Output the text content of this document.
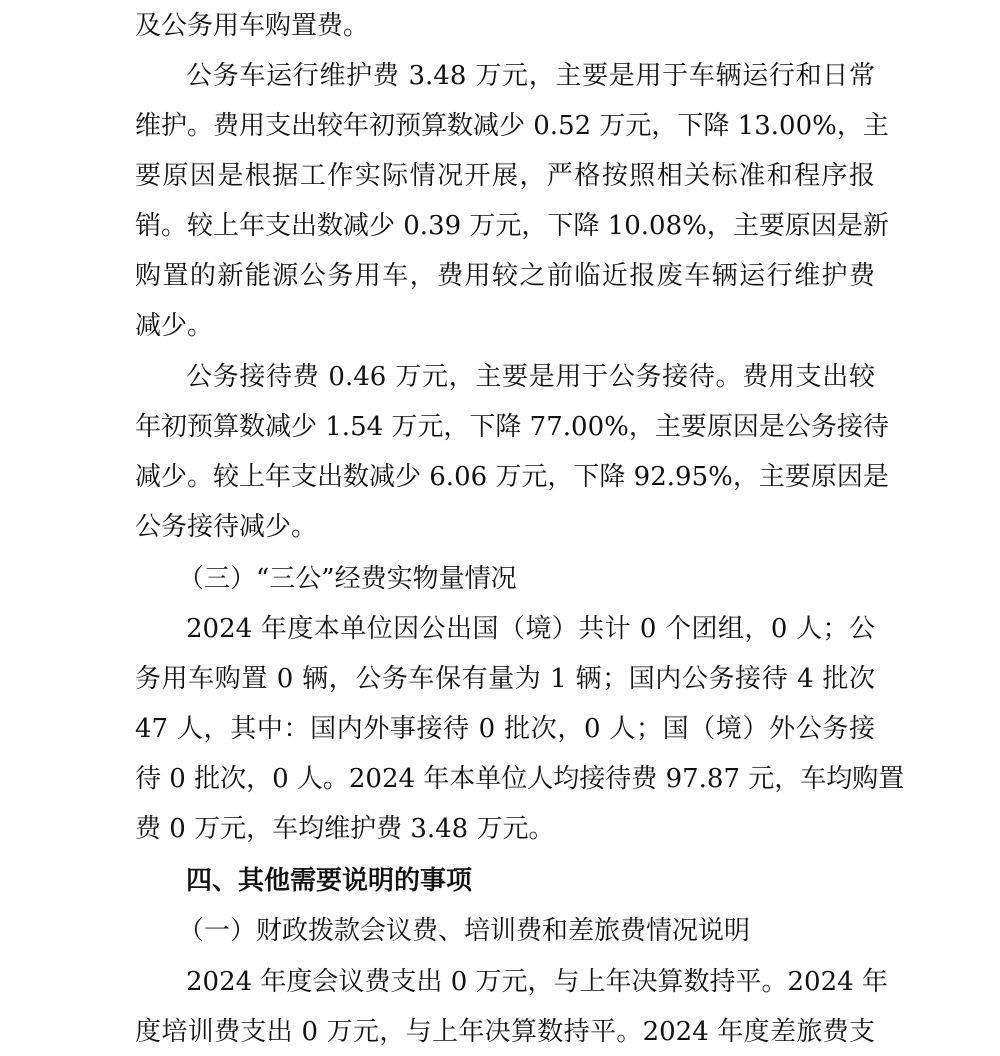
及公务用车购置费。
公务车运行维护费 3.48 万元，主要是用于车辆运行和日常
维护。费用支出较年初预算数减少 0.52 万元，下降 13.00%，主
要原因是根据工作实际情况开展，严格按照相关标准和程序报
销。较上年支出数减少 0.39 万元，下降 10.08%，主要原因是新
购置的新能源公务用车，费用较之前临近报废车辆运行维护费
减少。
公务接待费 0.46 万元，主要是用于公务接待。费用支出较
年初预算数减少 1.54 万元，下降 77.00%，主要原因是公务接待
减少。较上年支出数减少 6.06 万元，下降 92.95%，主要原因是
公务接待减少。
（三）“三公”经费实物量情况
2024 年度本单位因公出国（境）共计 0 个团组，0 人；公
务用车购置 0 辆，公务车保有量为 1 辆；国内公务接待 4 批次
47 人，其中：国内外事接待 0 批次，0 人；国（境）外公务接
待 0 批次，0 人。2024 年本单位人均接待费 97.87 元，车均购置
费 0 万元，车均维护费 3.48 万元。
四、其他需要说明的事项
（一）财政拨款会议费、培训费和差旅费情况说明
2024 年度会议费支出 0 万元，与上年决算数持平。2024 年
度培训费支出 0 万元，与上年决算数持平。2024 年度差旅费支
